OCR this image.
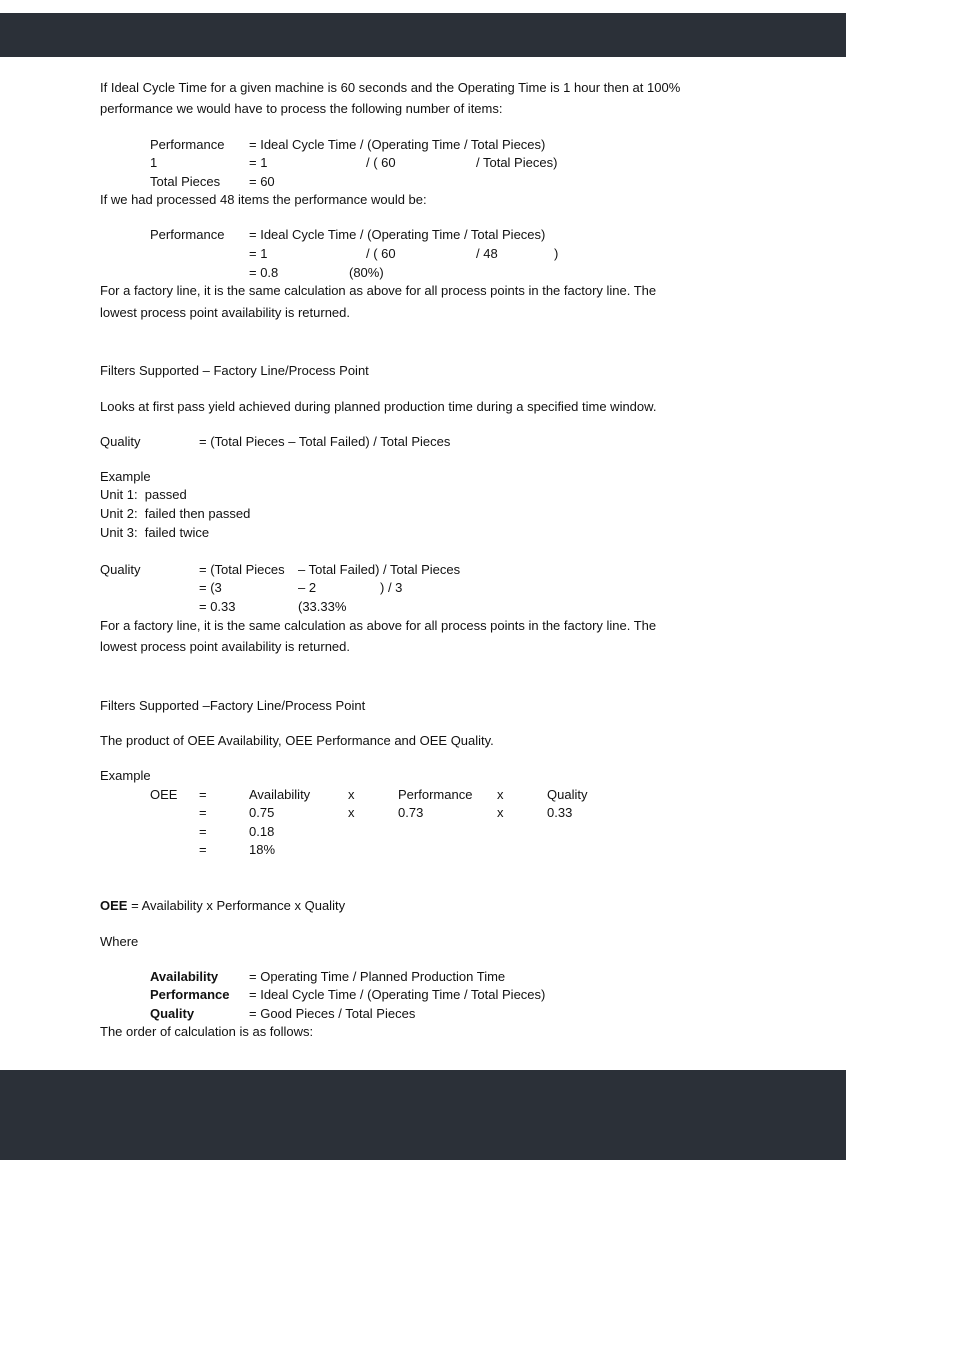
If Ideal Cycle Time for a given machine is 60 seconds and the Operating Time is 1 hour then at 100%
performance we would have to process the following number of items:
Performance = Ideal Cycle Time / (Operating Time / Total Pieces)
1	= 1	/ ( 60	/ Total Pieces)
Total Pieces = 60
If we had processed 48 items the performance would be:
Performance = Ideal Cycle Time / (Operating Time / Total Pieces)
= 1	/ ( 60	/ 48	)
= 0.8	(80%)
For a factory line, it is the same calculation as above for all process points in the factory line. The
lowest process point availability is returned.
Filters Supported – Factory Line/Process Point
Looks at first pass yield achieved during planned production time during a specified time window.
Quality	= (Total Pieces – Total Failed) / Total Pieces
Example
Unit 1:  passed
Unit 2:  failed then passed
Unit 3:  failed twice
Quality	= (Total Pieces – Total Failed) / Total Pieces
= (3	– 2	) / 3
= 0.33	(33.33%
For a factory line, it is the same calculation as above for all process points in the factory line. The
lowest process point availability is returned.
Filters Supported –Factory Line/Process Point
The product of OEE Availability, OEE Performance and OEE Quality.
Example
OEE =	Availability	x	Performance x	Quality
=	0.75	x	0.73	x	0.33
=	0.18
=	18%
OEE = Availability x Performance x Quality
Where
Availability = Operating Time / Planned Production Time
Performance = Ideal Cycle Time / (Operating Time / Total Pieces)
Quality	= Good Pieces / Total Pieces
The order of calculation is as follows:
